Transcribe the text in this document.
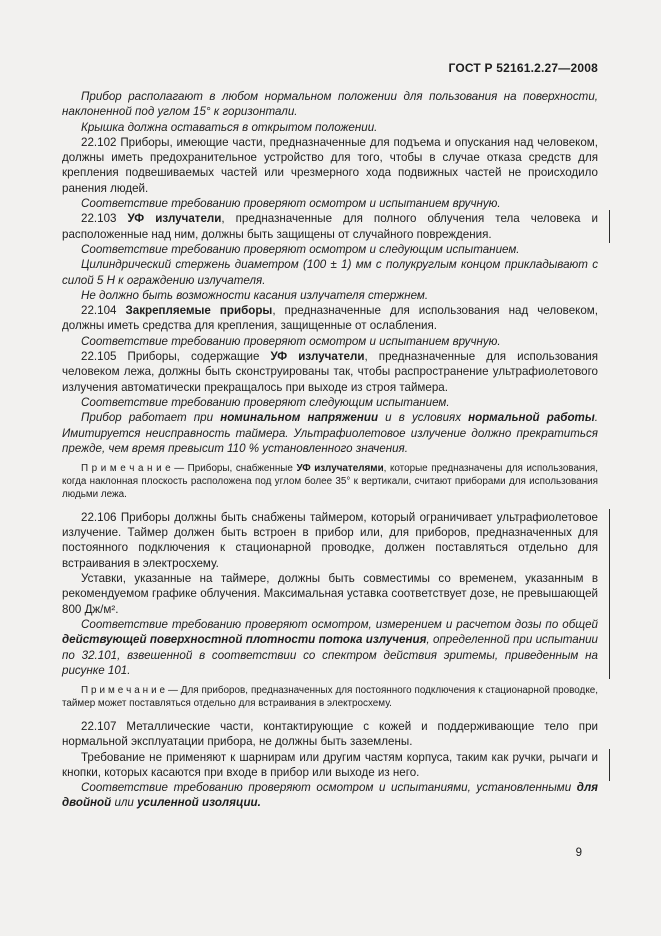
ГОСТ Р 52161.2.27—2008

Прибор располагают в любом нормальном положении для пользования на поверхности, наклоненной под углом 15° к горизонтали.

Крышка должна оставаться в открытом положении.

22.102 Приборы, имеющие части, предназначенные для подъема и опускания над человеком, должны иметь предохранительное устройство для того, чтобы в случае отказа средств для крепления подвешиваемых частей или чрезмерного хода подвижных частей не происходило ранения людей.

Соответствие требованию проверяют осмотром и испытанием вручную.

22.103 УФ излучатели, предназначенные для полного облучения тела человека и расположенные над ним, должны быть защищены от случайного повреждения.

Соответствие требованию проверяют осмотром и следующим испытанием.

Цилиндрический стержень диаметром (100 ± 1) мм с полукруглым концом прикладывают с силой 5 Н к ограждению излучателя.

Не должно быть возможности касания излучателя стержнем.

22.104 Закрепляемые приборы, предназначенные для использования над человеком, должны иметь средства для крепления, защищенные от ослабления.

Соответствие требованию проверяют осмотром и испытанием вручную.

22.105 Приборы, содержащие УФ излучатели, предназначенные для использования человеком лежа, должны быть сконструированы так, чтобы распространение ультрафиолетового излучения автоматически прекращалось при выходе из строя таймера.

Соответствие требованию проверяют следующим испытанием.

Прибор работает при номинальном напряжении и в условиях нормальной работы. Имитируется неисправность таймера. Ультрафиолетовое излучение должно прекратиться прежде, чем время превысит 110 % установленного значения.

П р и м е ч а н и е — Приборы, снабженные УФ излучателями, которые предназначены для использования, когда наклонная плоскость расположена под углом более 35° к вертикали, считают приборами для использования людьми лежа.

22.106 Приборы должны быть снабжены таймером, который ограничивает ультрафиолетовое излучение. Таймер должен быть встроен в прибор или, для приборов, предназначенных для постоянного подключения к стационарной проводке, должен поставляться отдельно для встраивания в электросхему.

Уставки, указанные на таймере, должны быть совместимы со временем, указанным в рекомендуемом графике облучения. Максимальная уставка соответствует дозе, не превышающей 800 Дж/м².

Соответствие требованию проверяют осмотром, измерением и расчетом дозы по общей действующей поверхностной плотности потока излучения, определенной при испытании по 32.101, взвешенной в соответствии со спектром действия эритемы, приведенным на рисунке 101.

П р и м е ч а н и е — Для приборов, предназначенных для постоянного подключения к стационарной проводке, таймер может поставляться отдельно для встраивания в электросхему.

22.107 Металлические части, контактирующие с кожей и поддерживающие тело при нормальной эксплуатации прибора, не должны быть заземлены.

Требование не применяют к шарнирам или другим частям корпуса, таким как ручки, рычаги и кнопки, которых касаются при входе в прибор или выходе из него.

Соответствие требованию проверяют осмотром и испытаниями, установленными для двойной или усиленной изоляции.

9
